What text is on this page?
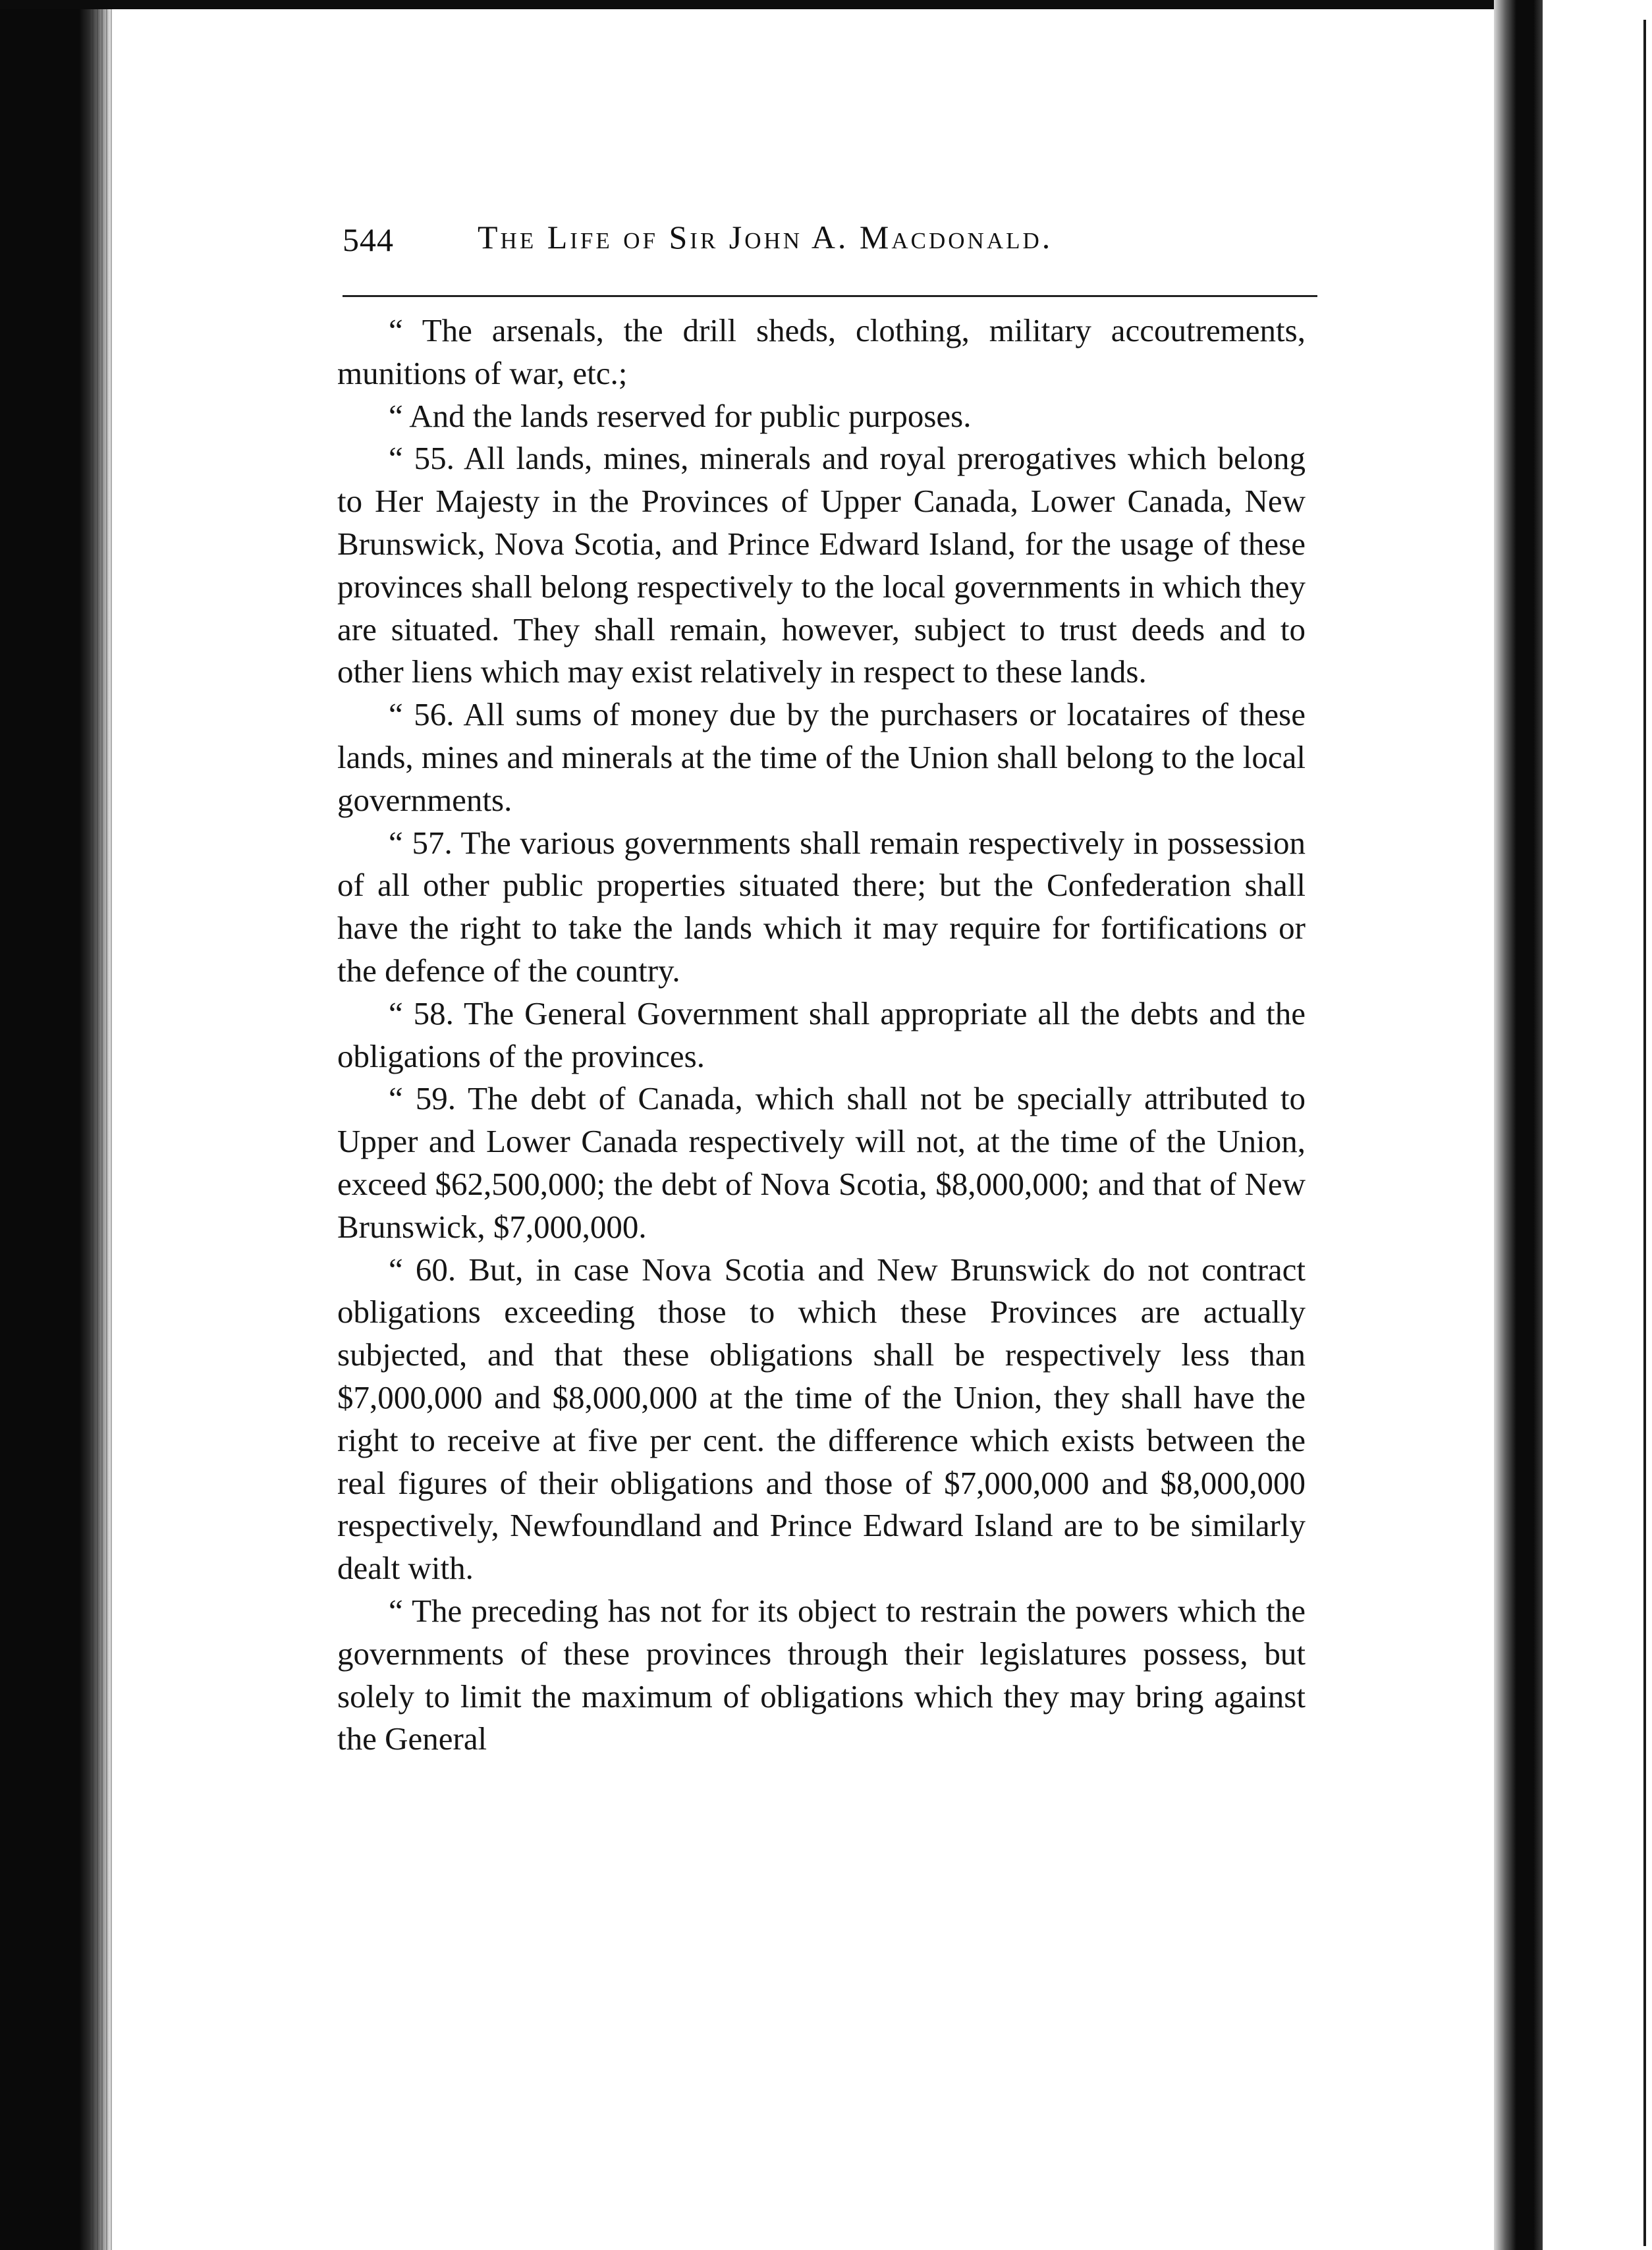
544	The Life of Sir John A. Macdonald.

“ The arsenals, the drill sheds, clothing, military accoutrements, munitions of war, etc.;

“ And the lands reserved for public purposes.

“ 55. All lands, mines, minerals and royal prerogatives which belong to Her Majesty in the Provinces of Upper Canada, Lower Canada, New Brunswick, Nova Scotia, and Prince Edward Island, for the usage of these provinces shall belong respectively to the local governments in which they are situated. They shall remain, however, subject to trust deeds and to other liens which may exist relatively in respect to these lands.

“ 56. All sums of money due by the purchasers or locataires of these lands, mines and minerals at the time of the Union shall belong to the local governments.

“ 57. The various governments shall remain respectively in possession of all other public properties situated there; but the Confederation shall have the right to take the lands which it may require for fortifications or the defence of the country.

“ 58. The General Government shall appropriate all the debts and the obligations of the provinces.

“ 59. The debt of Canada, which shall not be specially attributed to Upper and Lower Canada respectively will not, at the time of the Union, exceed $62,500,000; the debt of Nova Scotia, $8,000,000; and that of New Brunswick, $7,000,000.

“ 60. But, in case Nova Scotia and New Brunswick do not contract obligations exceeding those to which these Provinces are actually subjected, and that these obligations shall be respectively less than $7,000,000 and $8,000,000 at the time of the Union, they shall have the right to receive at five per cent. the difference which exists between the real figures of their obligations and those of $7,000,000 and $8,000,000 respectively, Newfoundland and Prince Edward Island are to be similarly dealt with.

“ The preceding has not for its object to restrain the powers which the governments of these provinces through their legislatures possess, but solely to limit the maximum of obligations which they may bring against the General
